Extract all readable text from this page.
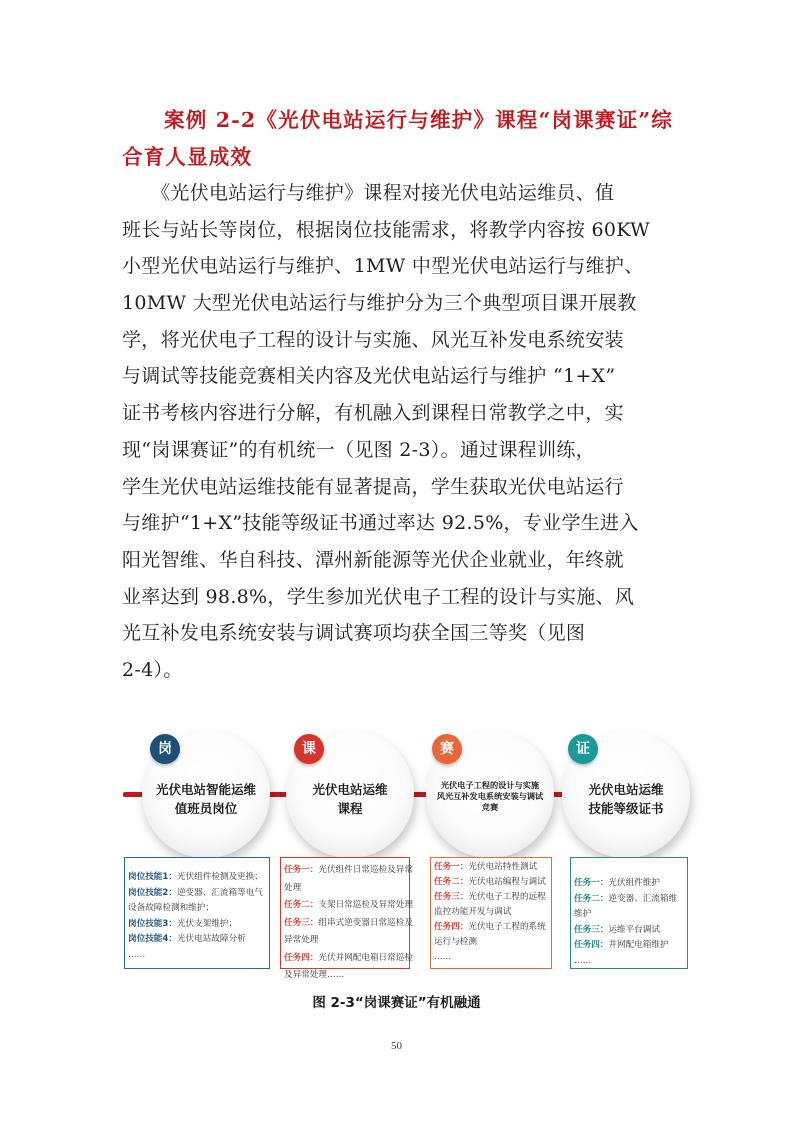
案例 2-2《光伏电站运行与维护》课程“岗课赛证”综
合育人显成效
　　《光伏电站运行与维护》课程对接光伏电站运维员、值
班长与站长等岗位，根据岗位技能需求，将教学内容按 60KW
小型光伏电站运行与维护、1MW 中型光伏电站运行与维护、
10MW 大型光伏电站运行与维护分为三个典型项目课开展教
学，将光伏电子工程的设计与实施、风光互补发电系统安装
与调试等技能竞赛相关内容及光伏电站运行与维护 “1+X”
证书考核内容进行分解，有机融入到课程日常教学之中，实
现“岗课赛证”的有机统一（见图 2-3）。通过课程训练，
学生光伏电站运维技能有显著提高，学生获取光伏电站运行
与维护“1+X”技能等级证书通过率达 92.5%，专业学生进入
阳光智维、华自科技、潭州新能源等光伏企业就业，年终就
业率达到 98.8%，学生参加光伏电子工程的设计与实施、风
光互补发电系统安装与调试赛项均获全国三等奖（见图
2-4）。
光伏电站智能运维
值班员岗位
岗
光伏电站运维
课程
课
光伏电子工程的设计与实施
风光互补发电系统安装与调试
竞赛
赛
光伏电站运维
技能等级证书
证
岗位技能1：光伏组件检测及更换；
岗位技能2：逆变器、汇流箱等电气
设备故障检测和维护；
岗位技能3：光伏支架维护；
岗位技能4：光伏电站故障分析
……
任务一：光伏组件日常巡检及异常
处理
任务二：支架日常巡检及异常处理
任务三：组串式逆变器日常巡检及
异常处理
任务四：光伏并网配电箱日常巡检
及异常处理……
任务一：光伏电站特性测试
任务二：光伏电站编程与调试
任务三：光伏电子工程的远程
监控功能开发与调试
任务四：光伏电子工程的系统
运行与检测
……
任务一：光伏组件维护
任务二：逆变器、汇流箱维
维护
任务三：运维平台调试
任务四：并网配电箱维护
……
图 2-3“岗课赛证”有机融通
50
